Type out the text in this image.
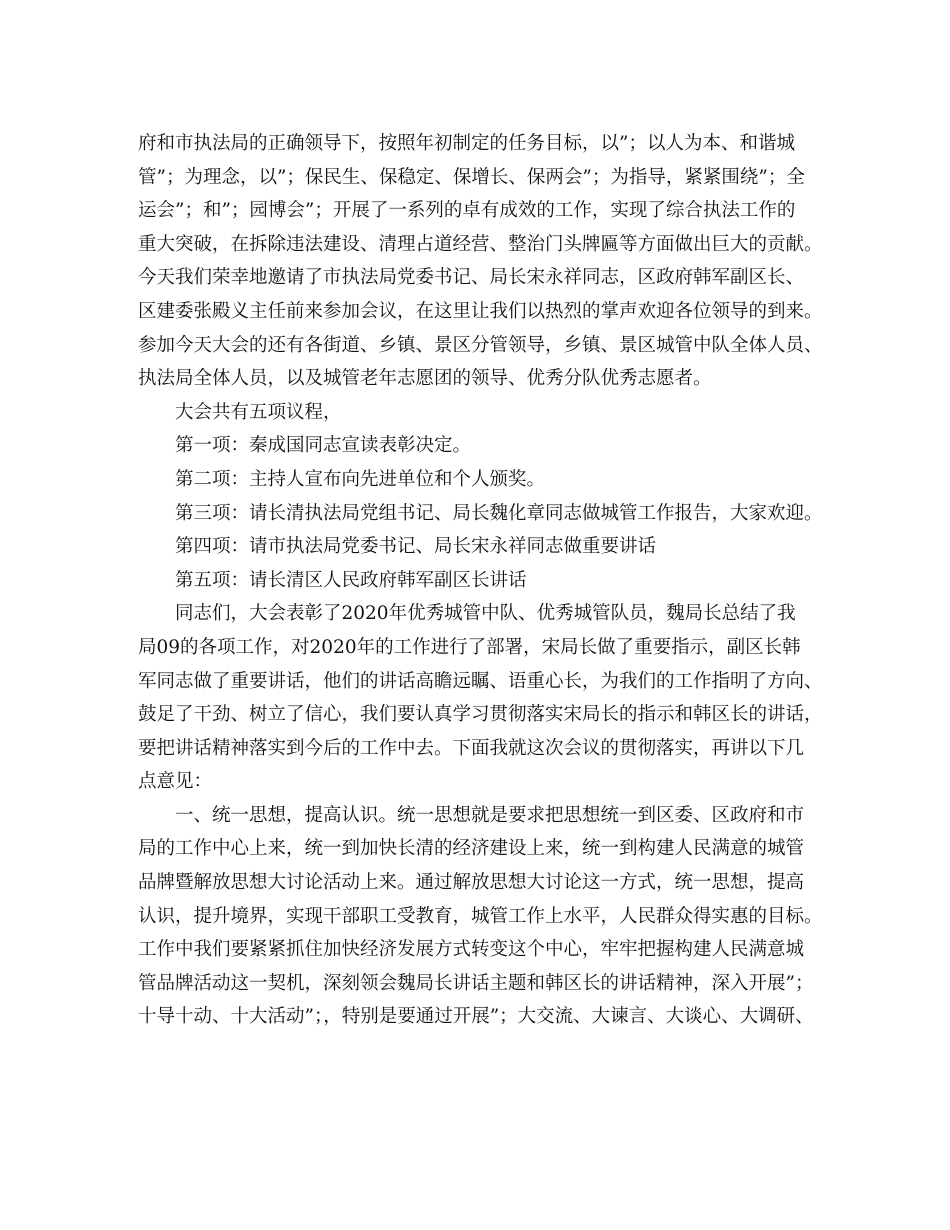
府和市执法局的正确领导下，按照年初制定的任务目标，以”；以人为本、和谐城
管”；为理念，以”；保民生、保稳定、保增长、保两会”；为指导，紧紧围绕”；全
运会”；和”；园博会”；开展了一系列的卓有成效的工作，实现了综合执法工作的
重大突破，在拆除违法建设、清理占道经营、整治门头牌匾等方面做出巨大的贡献。
今天我们荣幸地邀请了市执法局党委书记、局长宋永祥同志，区政府韩军副区长、
区建委张殿义主任前来参加会议，在这里让我们以热烈的掌声欢迎各位领导的到来。
参加今天大会的还有各街道、乡镇、景区分管领导，乡镇、景区城管中队全体人员、
执法局全体人员，以及城管老年志愿团的领导、优秀分队优秀志愿者。
大会共有五项议程，
第一项：秦成国同志宣读表彰决定。
第二项：主持人宣布向先进单位和个人颁奖。
第三项：请长清执法局党组书记、局长魏化章同志做城管工作报告，大家欢迎。
第四项：请市执法局党委书记、局长宋永祥同志做重要讲话
第五项：请长清区人民政府韩军副区长讲话
同志们，大会表彰了2020年优秀城管中队、优秀城管队员，魏局长总结了我
局09的各项工作，对2020年的工作进行了部署，宋局长做了重要指示，副区长韩
军同志做了重要讲话，他们的讲话高瞻远瞩、语重心长，为我们的工作指明了方向、
鼓足了干劲、树立了信心，我们要认真学习贯彻落实宋局长的指示和韩区长的讲话，
要把讲话精神落实到今后的工作中去。下面我就这次会议的贯彻落实，再讲以下几
点意见：
一、统一思想，提高认识。统一思想就是要求把思想统一到区委、区政府和市
局的工作中心上来，统一到加快长清的经济建设上来，统一到构建人民满意的城管
品牌暨解放思想大讨论活动上来。通过解放思想大讨论这一方式，统一思想，提高
认识，提升境界，实现干部职工受教育，城管工作上水平，人民群众得实惠的目标。
工作中我们要紧紧抓住加快经济发展方式转变这个中心，牢牢把握构建人民满意城
管品牌活动这一契机，深刻领会魏局长讲话主题和韩区长的讲话精神，深入开展”；
十导十动、十大活动”；，特别是要通过开展”；大交流、大谏言、大谈心、大调研、
